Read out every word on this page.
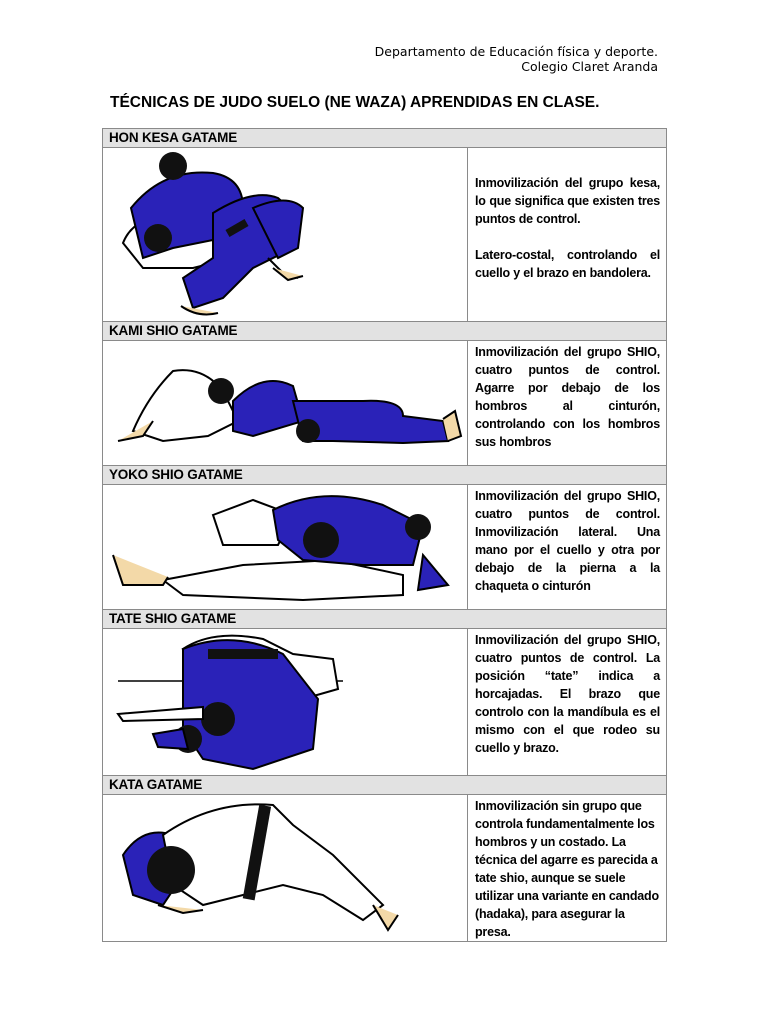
Departamento de Educación física y deporte.
Colegio Claret Aranda
TÉCNICAS DE JUDO SUELO (NE WAZA) APRENDIDAS EN CLASE.
HON KESA GATAME	

Inmovilización del grupo kesa, lo que significa que existen tres puntos de control.

Latero-costal, controlando el cuello y el brazo en bandolera.

KAMI SHIO GATAME	

Inmovilización del grupo SHIO, cuatro puntos de control. Agarre por debajo de los hombros al cinturón, controlando con los hombros sus hombros

YOKO SHIO GATAME	

Inmovilización del grupo SHIO, cuatro puntos de control. Inmovilización lateral. Una mano por el cuello y otra por debajo de la pierna a la chaqueta o cinturón

TATE SHIO GATAME	

Inmovilización del grupo SHIO, cuatro puntos de control. La posición “tate” indica a horcajadas. El brazo que controlo con la mandíbula es el mismo con el que rodeo su cuello y brazo.

KATA GATAME	

Inmovilización sin grupo que controla fundamentalmente los hombros y un costado. La técnica del agarre es parecida a tate shio, aunque se suele utilizar una variante en candado (hadaka), para asegurar la presa.
